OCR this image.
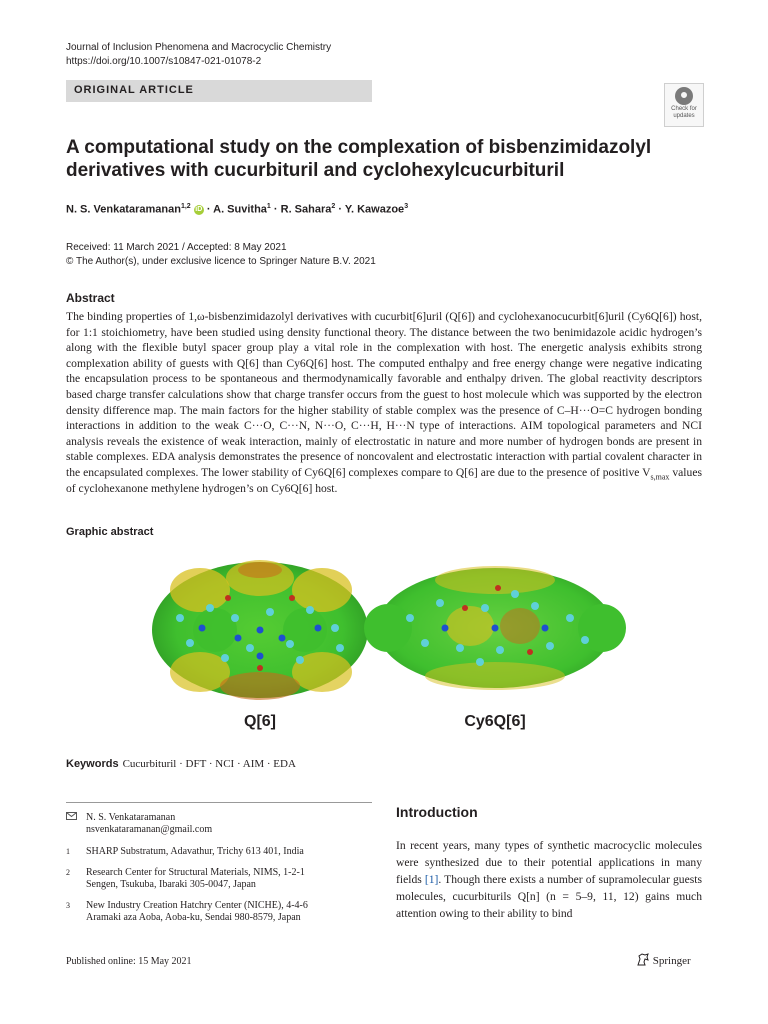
Journal of Inclusion Phenomena and Macrocyclic Chemistry
https://doi.org/10.1007/s10847-021-01078-2
ORIGINAL ARTICLE
Check for
updates
A computational study on the complexation of bisbenzimidazolyl derivatives with cucurbituril and cyclohexylcucurbituril
N. S. Venkataramanan$^{1,2}$ iD · A. Suvitha$^1$ · R. Sahara$^2$ · Y. Kawazoe$^3$
Received: 11 March 2021 / Accepted: 8 May 2021
© The Author(s), under exclusive licence to Springer Nature B.V. 2021
Abstract
The binding properties of 1,ω-bisbenzimidazolyl derivatives with cucurbit[6]uril (Q[6]) and cyclohexanocucurbit[6]uril (Cy6Q[6]) host, for 1:1 stoichiometry, have been studied using density functional theory. The distance between the two benimidazole acidic hydrogen’s along with the flexible butyl spacer group play a vital role in the complexation with host. The energetic analysis exhibits strong complexation ability of guests with Q[6] than Cy6Q[6] host. The computed enthalpy and free energy change were negative indicating the encapsulation process to be spontaneous and thermodynamically favorable and enthalpy driven. The global reactivity descriptors based charge transfer calculations show that charge transfer occurs from the guest to host molecule which was supported by the electron density difference map. The main factors for the higher stability of stable complex was the presence of C–H···O=C hydrogen bonding interactions in addition to the weak C···O, C···N, N···O, C···H, H···N type of interactions. AIM topological parameters and NCI analysis reveals the existence of weak interaction, mainly of electrostatic in nature and more number of hydrogen bonds are present in stable complexes. EDA analysis demonstrates the presence of noncovalent and electrostatic interaction with partial covalent character in the encapsulated complexes. The lower stability of Cy6Q[6] complexes compare to Q[6] are due to the presence of positive $V_{s,max}$ values of cyclohexanone methylene hydrogen’s on Cy6Q[6] host.
Graphic abstract
Q[6]	Cy6Q[6]
Keywords Cucurbituril · DFT · NCI · AIM · EDA
N. S. Venkataramanan
nsvenkataramanan@gmail.com
1 SHARP Substratum, Adavathur, Trichy 613 401, India
2 Research Center for Structural Materials, NIMS, 1-2-1
Sengen, Tsukuba, Ibaraki 305-0047, Japan
3 New Industry Creation Hatchry Center (NICHE), 4-4-6
Aramaki aza Aoba, Aoba-ku, Sendai 980-8579, Japan
Introduction
In recent years, many types of synthetic macrocyclic molecules were synthesized due to their potential applications in many fields [1]. Though there exists a number of supramolecular guests molecules, cucurbiturils Q[n] (n = 5–9, 11, 12) gains much attention owing to their ability to bind
Published online: 15 May 2021	Springer
